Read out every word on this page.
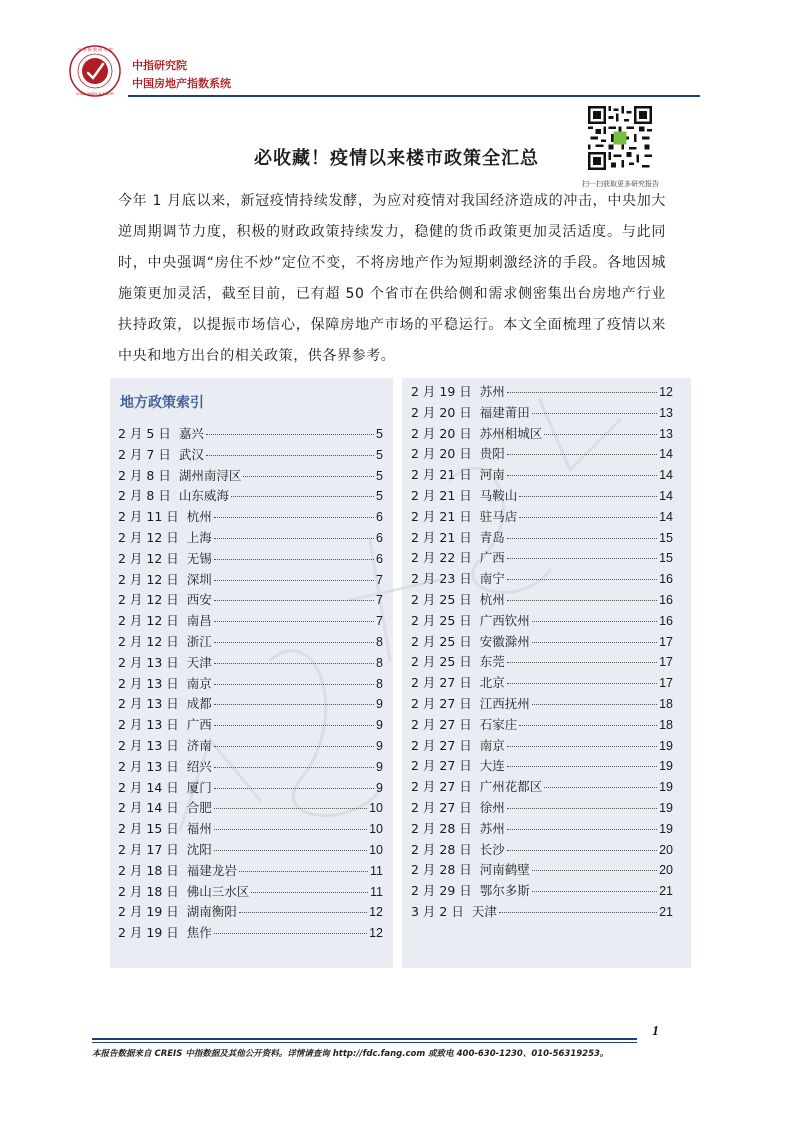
中 国 指 数 研 究 院
CHINA INDEX ACADEMY
中指研究院
中国房地产指数系统
扫一扫获取更多研究报告
必收藏！疫情以来楼市政策全汇总

今年 1 月底以来，新冠疫情持续发酵，为应对疫情对我国经济造成的冲击，中央加大逆周期调节力度，积极的财政政策持续发力，稳健的货币政策更加灵活适度。与此同时，中央强调“房住不炒”定位不变，不将房地产作为短期刺激经济的手段。各地因城施策更加灵活，截至目前，已有超 50 个省市在供给侧和需求侧密集出台房地产行业扶持政策，以提振市场信心，保障房地产市场的平稳运行。本文全面梳理了疫情以来中央和地方出台的相关政策，供各界参考。

地方政策索引
2 月 5 日 嘉兴	5
2 月 7 日 武汉	5
2 月 8 日 湖州南浔区	5
2 月 8 日 山东威海	5
2 月 11 日 杭州	6
2 月 12 日 上海	6
2 月 12 日 无锡	6
2 月 12 日 深圳	7
2 月 12 日 西安	7
2 月 12 日 南昌	7
2 月 12 日 浙江	8
2 月 13 日 天津	8
2 月 13 日 南京	8
2 月 13 日 成都	9
2 月 13 日 广西	9
2 月 13 日 济南	9
2 月 13 日 绍兴	9
2 月 14 日 厦门	9
2 月 14 日 合肥	10
2 月 15 日 福州	10
2 月 17 日 沈阳	10
2 月 18 日 福建龙岩	11
2 月 18 日 佛山三水区	11
2 月 19 日 湖南衡阳	12
2 月 19 日 焦作	12
2 月 19 日 苏州	12
2 月 20 日 福建莆田	13
2 月 20 日 苏州相城区	13
2 月 20 日 贵阳	14
2 月 21 日 河南	14
2 月 21 日 马鞍山	14
2 月 21 日 驻马店	14
2 月 21 日 青岛	15
2 月 22 日 广西	15
2 月 23 日 南宁	16
2 月 25 日 杭州	16
2 月 25 日 广西钦州	16
2 月 25 日 安徽滁州	17
2 月 25 日 东莞	17
2 月 27 日 北京	17
2 月 27 日 江西抚州	18
2 月 27 日 石家庄	18
2 月 27 日 南京	19
2 月 27 日 大连	19
2 月 27 日 广州花都区	19
2 月 27 日 徐州	19
2 月 28 日 苏州	19
2 月 28 日 长沙	20
2 月 28 日 河南鹤壁	20
2 月 29 日 鄂尔多斯	21
3 月 2 日 天津	21
1
本报告数据来自 CREIS 中指数据及其他公开资料。详情请查询 http://fdc.fang.com 或致电 400-630-1230、010-56319253。
